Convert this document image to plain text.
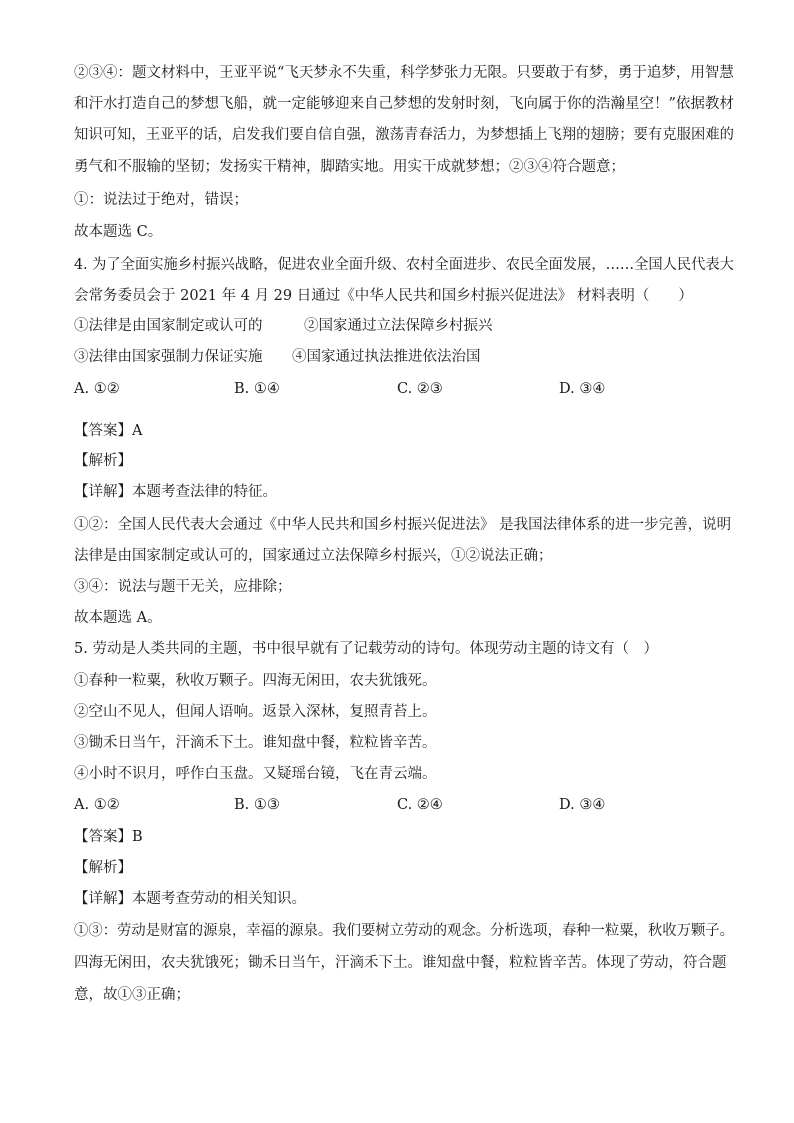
②③④：题文材料中，王亚平说“飞天梦永不失重，科学梦张力无限。只要敢于有梦，勇于追梦，用智慧
和汗水打造自己的梦想飞船，就一定能够迎来自己梦想的发射时刻，飞向属于你的浩瀚星空！”依据教材
知识可知，王亚平的话，启发我们要自信自强，激荡青春活力，为梦想插上飞翔的翅膀；要有克服困难的
勇气和不服输的坚韧；发扬实干精神，脚踏实地。用实干成就梦想；②③④符合题意；
①：说法过于绝对，错误；
故本题选 C。
4. 为了全面实施乡村振兴战略，促进农业全面升级、农村全面进步、农民全面发展，……全国人民代表大
会常务委员会于 2021 年 4 月 29 日通过《中华人民共和国乡村振兴促进法》 材料表明（　　）
①法律是由国家制定或认可的	②国家通过立法保障乡村振兴
③法律由国家强制力保证实施 ④国家通过执法推进依法治国
A. ①②	B. ①④	C. ②③	D. ③④
【答案】A
【解析】
【详解】本题考查法律的特征。
①②：全国人民代表大会通过《中华人民共和国乡村振兴促进法》 是我国法律体系的进一步完善，说明
法律是由国家制定或认可的，国家通过立法保障乡村振兴，①②说法正确；
③④：说法与题干无关，应排除；
故本题选 A。
5. 劳动是人类共同的主题，书中很早就有了记载劳动的诗句。体现劳动主题的诗文有（　）
①春种一粒粟，秋收万颗子。四海无闲田，农夫犹饿死。
②空山不见人，但闻人语响。返景入深林，复照青苔上。
③锄禾日当午，汗滴禾下土。谁知盘中餐，粒粒皆辛苦。
④小时不识月，呼作白玉盘。又疑瑶台镜，飞在青云端。
A. ①②	B. ①③	C. ②④	D. ③④
【答案】B
【解析】
【详解】本题考查劳动的相关知识。
①③：劳动是财富的源泉，幸福的源泉。我们要树立劳动的观念。分析选项，春种一粒粟，秋收万颗子。
四海无闲田，农夫犹饿死；锄禾日当午，汗滴禾下土。谁知盘中餐，粒粒皆辛苦。体现了劳动，符合题
意，故①③正确；
